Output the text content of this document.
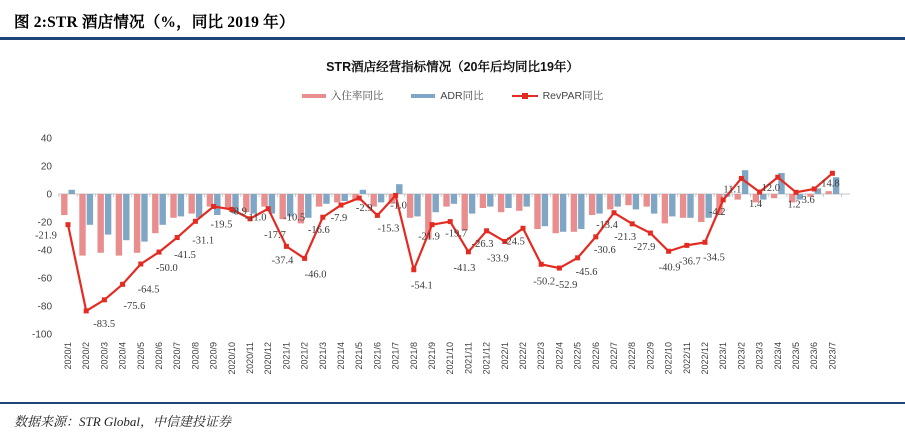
图 2:STR 酒店情况（%，同比 2019 年）
STR酒店经营指标情况（20年后均同比19年）
入住率同比	ADR同比	RevPAR同比
40
20
0
-20
-40
-60
-80
-100
-21.9
-83.5
-75.6
-64.5
-50.0
-41.5
-31.1
-19.5
-8.9
-11.0
-17.7
-10.5
-37.4
-46.0
-16.6
-7.9
-2.9
-15.3
-1.0
-54.1
-21.9 -19.7
-41.3
-26.3
-33.9
-24.5
-50.2 -52.9
-45.6
-30.6
-13.4
-21.3
-27.9
-40.9
-36.7 -34.5
-4.2
11.1
1.4
12.0
1.2 3.6
14.8
2020/1 2020/2 2020/3 2020/4 2020/5 2020/6 2020/7 2020/8 2020/9 2020/10 2020/11 2020/12 2021/1 2021/2 2021/3 2021/4 2021/5 2021/6 2021/7 2021/8 2021/9 2021/10 2021/11 2021/12 2022/1 2022/2 2022/3 2022/4 2022/5 2022/6 2022/7 2022/8 2022/9 2022/10 2022/11 2022/12 2023/1 2023/2 2023/3 2023/4 2023/5 2023/6 2023/7
数据来源：STR Global，中信建投证券
